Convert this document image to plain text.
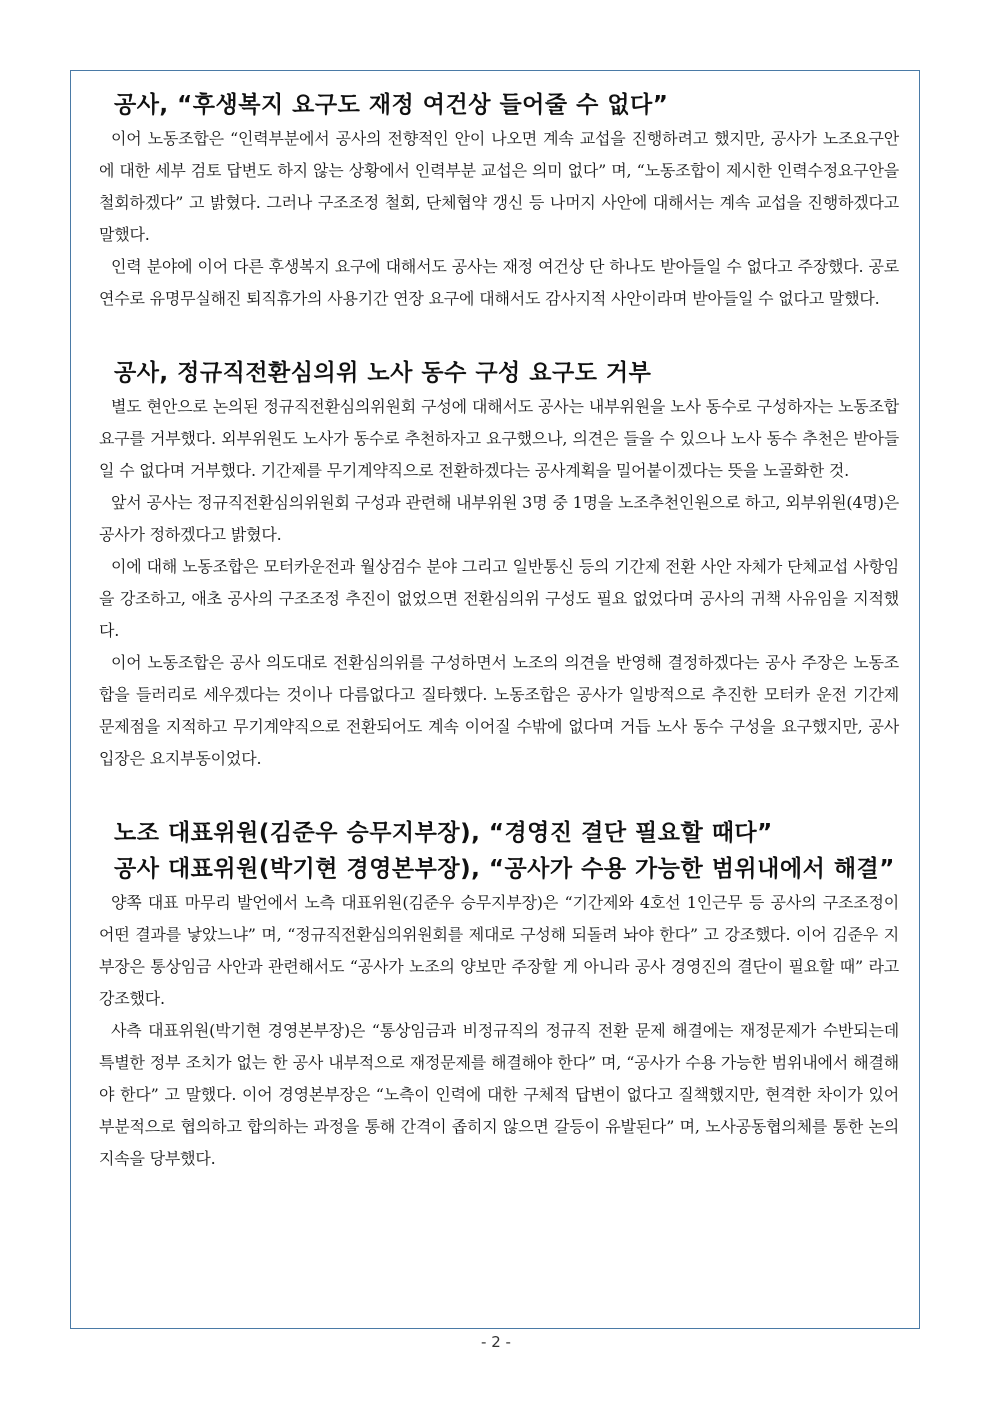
공사, “후생복지 요구도 재정 여건상 들어줄 수 없다”

이어 노동조합은 “인력부분에서 공사의 전향적인 안이 나오면 계속 교섭을 진행하려고 했지만, 공사가 노조요구안에 대한 세부 검토 답변도 하지 않는 상황에서 인력부분 교섭은 의미 없다” 며, “노동조합이 제시한 인력수정요구안을 철회하겠다” 고 밝혔다. 그러나 구조조정 철회, 단체협약 갱신 등 나머지 사안에 대해서는 계속 교섭을 진행하겠다고 말했다.

인력 분야에 이어 다른 후생복지 요구에 대해서도 공사는 재정 여건상 단 하나도 받아들일 수 없다고 주장했다. 공로연수로 유명무실해진 퇴직휴가의 사용기간 연장 요구에 대해서도 감사지적 사안이라며 받아들일 수 없다고 말했다.

공사, 정규직전환심의위 노사 동수 구성 요구도 거부

별도 현안으로 논의된 정규직전환심의위원회 구성에 대해서도 공사는 내부위원을 노사 동수로 구성하자는 노동조합 요구를 거부했다. 외부위원도 노사가 동수로 추천하자고 요구했으나, 의견은 들을 수 있으나 노사 동수 추천은 받아들일 수 없다며 거부했다. 기간제를 무기계약직으로 전환하겠다는 공사계획을 밀어붙이겠다는 뜻을 노골화한 것.

앞서 공사는 정규직전환심의위원회 구성과 관련해 내부위원 3명 중 1명을 노조추천인원으로 하고, 외부위원(4명)은 공사가 정하겠다고 밝혔다.

이에 대해 노동조합은 모터카운전과 월상검수 분야 그리고 일반통신 등의 기간제 전환 사안 자체가 단체교섭 사항임을 강조하고, 애초 공사의 구조조정 추진이 없었으면 전환심의위 구성도 필요 없었다며 공사의 귀책 사유임을 지적했다.

이어 노동조합은 공사 의도대로 전환심의위를 구성하면서 노조의 의견을 반영해 결정하겠다는 공사 주장은 노동조합을 들러리로 세우겠다는 것이나 다름없다고 질타했다. 노동조합은 공사가 일방적으로 추진한 모터카 운전 기간제 문제점을 지적하고 무기계약직으로 전환되어도 계속 이어질 수밖에 없다며 거듭 노사 동수 구성을 요구했지만, 공사 입장은 요지부동이었다.

노조 대표위원(김준우 승무지부장), “경영진 결단 필요할 때다”
공사 대표위원(박기현 경영본부장), “공사가 수용 가능한 범위내에서 해결”

양쪽 대표 마무리 발언에서 노측 대표위원(김준우 승무지부장)은 “기간제와 4호선 1인근무 등 공사의 구조조정이 어떤 결과를 낳았느냐” 며, “정규직전환심의위원회를 제대로 구성해 되돌려 놔야 한다” 고 강조했다. 이어 김준우 지부장은 통상임금 사안과 관련해서도 “공사가 노조의 양보만 주장할 게 아니라 공사 경영진의 결단이 필요할 때” 라고 강조했다.

사측 대표위원(박기현 경영본부장)은 “통상임금과 비정규직의 정규직 전환 문제 해결에는 재정문제가 수반되는데 특별한 정부 조치가 없는 한 공사 내부적으로 재정문제를 해결해야 한다” 며, “공사가 수용 가능한 범위내에서 해결해야 한다” 고 말했다. 이어 경영본부장은 “노측이 인력에 대한 구체적 답변이 없다고 질책했지만, 현격한 차이가 있어 부분적으로 협의하고 합의하는 과정을 통해 간격이 좁히지 않으면 갈등이 유발된다” 며, 노사공동협의체를 통한 논의 지속을 당부했다.

- 2 -
